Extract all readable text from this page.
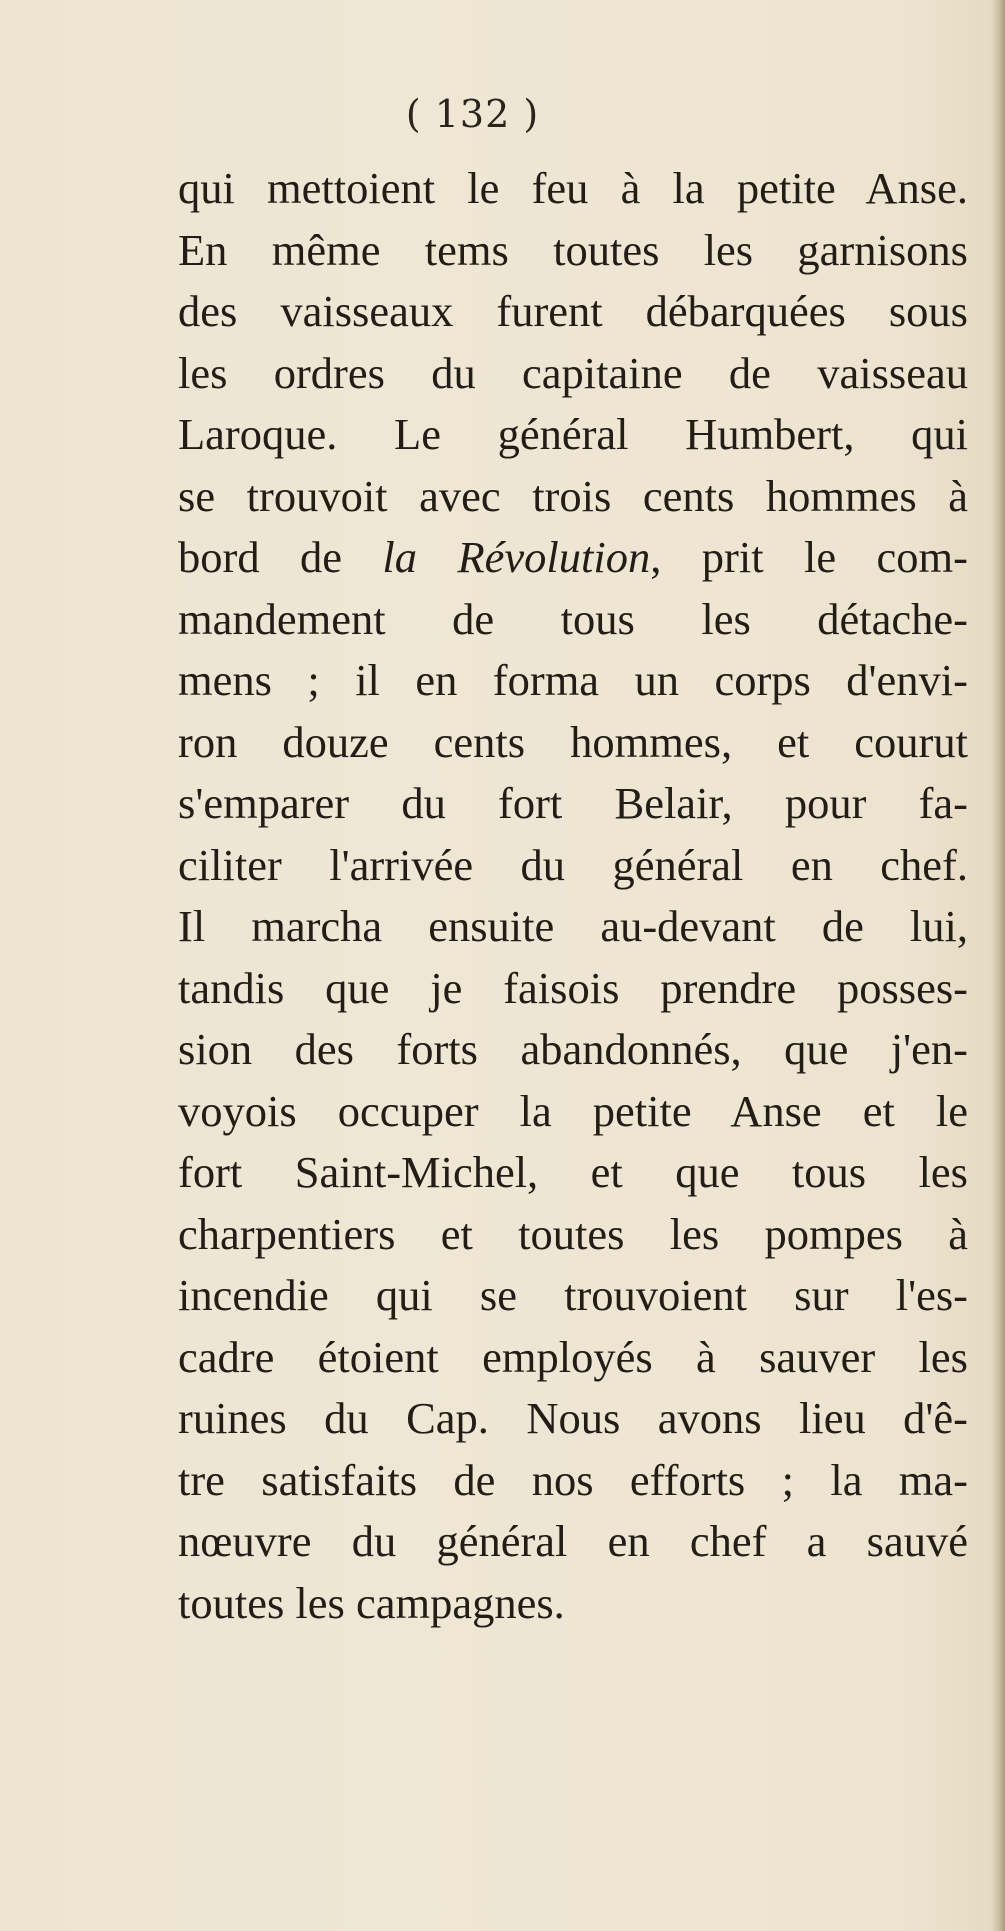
( 132 )
qui mettoient le feu à la petite Anse.
En même tems toutes les garnisons
des vaisseaux furent débarquées sous
les ordres du capitaine de vaisseau
Laroque. Le général Humbert, qui
se trouvoit avec trois cents hommes à
bord de la Révolution, prit le com-
mandement de tous les détache-
mens ; il en forma un corps d'envi-
ron douze cents hommes, et courut
s'emparer du fort Belair, pour fa-
ciliter l'arrivée du général en chef.
Il marcha ensuite au-devant de lui,
tandis que je faisois prendre posses-
sion des forts abandonnés, que j'en-
voyois occuper la petite Anse et le
fort Saint-Michel, et que tous les
charpentiers et toutes les pompes à
incendie qui se trouvoient sur l'es-
cadre étoient employés à sauver les
ruines du Cap. Nous avons lieu d'ê-
tre satisfaits de nos efforts ; la ma-
nœuvre du général en chef a sauvé
toutes les campagnes.
